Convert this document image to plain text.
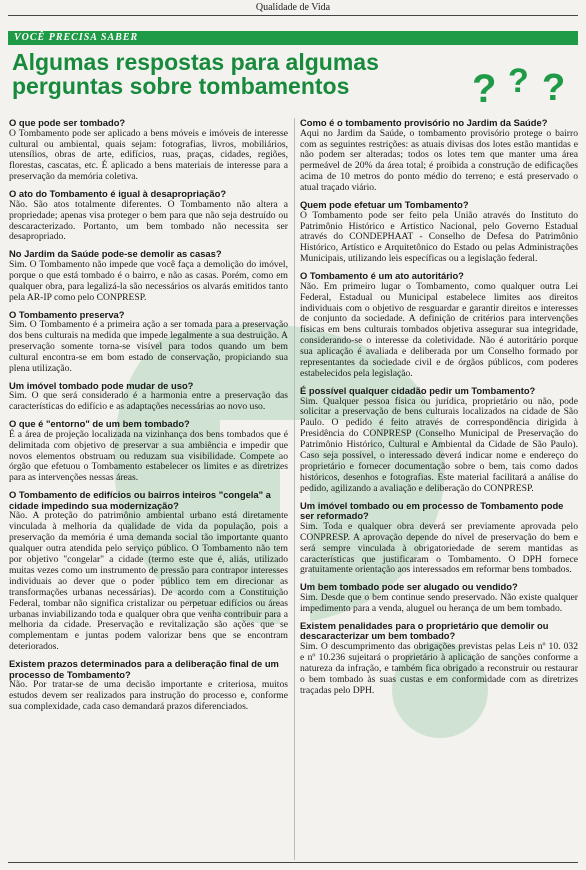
Qualidade de Vida
VOCÊ PRECISA SABER
Algumas respostas para algumas
perguntas sobre tombamentos	? ? ?
O que pode ser tombado?

O Tombamento pode ser aplicado a bens móveis e imóveis de interesse cultural ou ambiental, quais sejam: fotografias, livros, mobiliários, utensílios, obras de arte, edifícios, ruas, praças, cidades, regiões, florestas, cascatas, etc. É aplicado a bens materiais de interesse para a preservação da memória coletiva.

O ato do Tombamento é igual à desapropriação?

Não. São atos totalmente diferentes. O Tombamento não altera a propriedade; apenas visa proteger o bem para que não seja destruído ou descaracterizado. Portanto, um bem tombado não necessita ser desapropriado.

No Jardim da Saúde pode-se demolir as casas?

Sim. O Tombamento não impede que você faça a demolição do imóvel, porque o que está tombado é o bairro, e não as casas. Porém, como em qualquer obra, para legalizá-la são necessários os alvarás emitidos tanto pela AR-IP como pelo CONPRESP.

O Tombamento preserva?

Sim. O Tombamento é a primeira ação a ser tomada para a preservação dos bens culturais na medida que impede legalmente a sua destruição. A preservação somente torna-se visível para todos quando um bem cultural encontra-se em bom estado de conservação, propiciando sua plena utilização.

Um imóvel tombado pode mudar de uso?

Sim. O que será considerado é a harmonia entre a preservação das características do edifício e as adaptações necessárias ao novo uso.

O que é "entorno" de um bem tombado?

É a área de projeção localizada na vizinhança dos bens tombados que é delimitada com objetivo de preservar a sua ambiência e impedir que novos elementos obstruam ou reduzam sua visibilidade. Compete ao órgão que efetuou o Tombamento estabelecer os limites e as diretrizes para as intervenções nessas áreas.

O Tombamento de edifícios ou bairros inteiros "congela" a cidade impedindo sua modernização?

Não. A proteção do patrimônio ambiental urbano está diretamente vinculada à melhoria da qualidade de vida da população, pois a preservação da memória é uma demanda social tão importante quanto qualquer outra atendida pelo serviço público. O Tombamento não tem por objetivo "congelar" a cidade (termo este que é, aliás, utilizado muitas vezes como um instrumento de pressão para contrapor interesses individuais ao dever que o poder público tem em direcionar as transformações urbanas necessárias). De acordo com a Constituição Federal, tombar não significa cristalizar ou perpetuar edifícios ou áreas urbanas inviabilizando toda e qualquer obra que venha contribuir para a melhoria da cidade. Preservação e revitalização são ações que se complementam e juntas podem valorizar bens que se encontram deteriorados.

Existem prazos determinados para a deliberação final de um processo de Tombamento?

Não. Por tratar-se de uma decisão importante e criteriosa, muitos estudos devem ser realizados para instrução do processo e, conforme sua complexidade, cada caso demandará prazos diferenciados.

Como é o tombamento provisório no Jardim da Saúde?

Aqui no Jardim da Saúde, o tombamento provisório protege o bairro com as seguintes restrições: as atuais divisas dos lotes estão mantidas e não podem ser alteradas; todos os lotes tem que manter uma área permeável de 20% da área total; é proibida a construção de edificações acima de 10 metros do ponto médio do terreno; e está preservado o atual traçado viário.

Quem pode efetuar um Tombamento?

O Tombamento pode ser feito pela União através do Instituto do Patrimônio Histórico e Artístico Nacional, pelo Governo Estadual através do CONDEPHAAT - Conselho de Defesa do Patrimônio Histórico, Artístico e Arquitetônico do Estado ou pelas Administrações Municipais, utilizando leis específicas ou a legislação federal.

O Tombamento é um ato autoritário?

Não. Em primeiro lugar o Tombamento, como qualquer outra Lei Federal, Estadual ou Municipal estabelece limites aos direitos individuais com o objetivo de resguardar e garantir direitos e interesses de conjunto da sociedade. A definição de critérios para intervenções físicas em bens culturais tombados objetiva assegurar sua integridade, considerando-se o interesse da coletividade. Não é autoritário porque sua aplicação é avaliada e deliberada por um Conselho formado por representantes da sociedade civil e de órgãos públicos, com poderes estabelecidos pela legislação.

É possível qualquer cidadão pedir um Tombamento?

Sim. Qualquer pessoa física ou jurídica, proprietário ou não, pode solicitar a preservação de bens culturais localizados na cidade de São Paulo. O pedido é feito através de correspondência dirigida à Presidência do CONPRESP (Conselho Municipal de Preservação do Patrimônio Histórico, Cultural e Ambiental da Cidade de São Paulo). Caso seja possível, o interessado deverá indicar nome e endereço do proprietário e fornecer documentação sobre o bem, tais como dados históricos, desenhos e fotografias. Este material facilitará a análise do pedido, agilizando a avaliação e deliberação do CONPRESP.

Um imóvel tombado ou em processo de Tombamento pode ser reformado?

Sim. Toda e qualquer obra deverá ser previamente aprovada pelo CONPRESP. A aprovação depende do nível de preservação do bem e será sempre vinculada à obrigatoriedade de serem mantidas as características que justificaram o Tombamento. O DPH fornece gratuitamente orientação aos interessados em reformar bens tombados.

Um bem tombado pode ser alugado ou vendido?

Sim. Desde que o bem continue sendo preservado. Não existe qualquer impedimento para a venda, aluguel ou herança de um bem tombado.

Existem penalidades para o proprietário que demolir ou descaracterizar um bem tombado?

Sim. O descumprimento das obrigações previstas pelas Leis nº 10. 032 e nº 10.236 sujeitará o proprietário à aplicação de sanções conforme a natureza da infração, e também fica obrigado a reconstruir ou restaurar o bem tombado às suas custas e em conformidade com as diretrizes traçadas pelo DPH.
